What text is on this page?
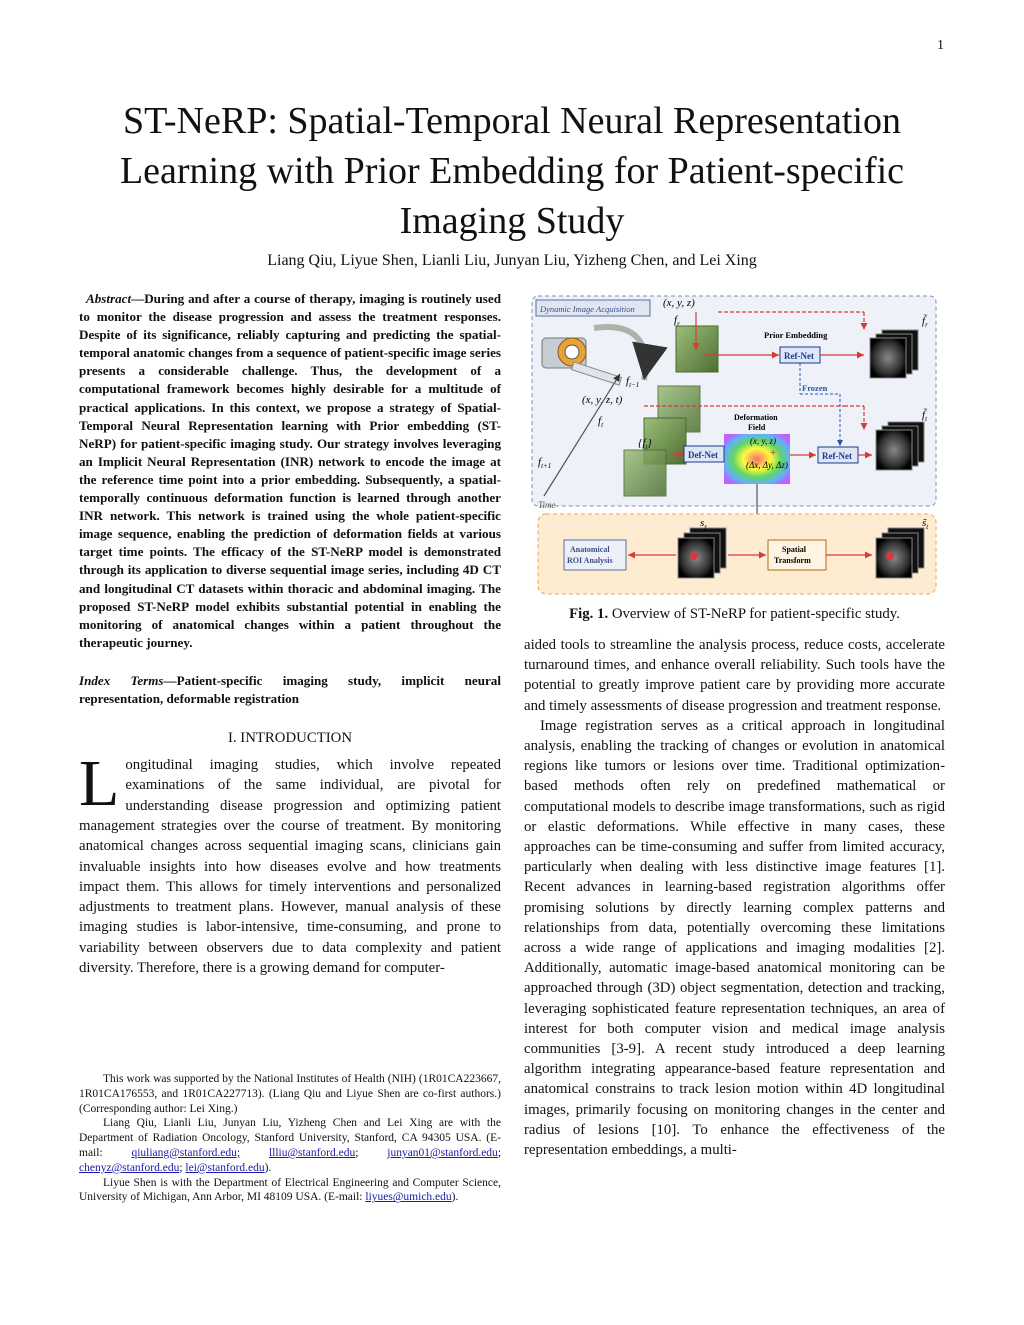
1
ST-NeRP: Spatial-Temporal Neural Representation Learning with Prior Embedding for Patient-specific Imaging Study
Liang Qiu, Liyue Shen, Lianli Liu, Junyan Liu, Yizheng Chen, and Lei Xing

Abstract—During and after a course of therapy, imaging is routinely used to monitor the disease progression and assess the treatment responses. Despite of its significance, reliably capturing and predicting the spatial-temporal anatomic changes from a sequence of patient-specific image series presents a considerable challenge. Thus, the development of a computational framework becomes highly desirable for a multitude of practical applications. In this context, we propose a strategy of Spatial-Temporal Neural Representation learning with Prior embedding (ST-NeRP) for patient-specific imaging study. Our strategy involves leveraging an Implicit Neural Representation (INR) network to encode the image at the reference time point into a prior embedding. Subsequently, a spatial-temporally continuous deformation function is learned through another INR network. This network is trained using the whole patient-specific image sequence, enabling the prediction of deformation fields at various target time points. The efficacy of the ST-NeRP model is demonstrated through its application to diverse sequential image series, including 4D CT and longitudinal CT datasets within thoracic and abdominal imaging. The proposed ST-NeRP model exhibits substantial potential in enabling the monitoring of anatomical changes within a patient throughout the therapeutic journey.

Index Terms—Patient-specific imaging study, implicit neural representation, deformable registration

I. INTRODUCTION

Longitudinal imaging studies, which involve repeated examinations of the same individual, are pivotal for understanding disease progression and optimizing patient management strategies over the course of treatment. By monitoring anatomical changes across sequential imaging scans, clinicians gain invaluable insights into how diseases evolve and how treatments impact them. This allows for timely interventions and personalized adjustments to treatment plans. However, manual analysis of these imaging studies is labor-intensive, time-consuming, and prone to variability between observers due to data complexity and patient diversity. Therefore, there is a growing demand for computer-

This work was supported by the National Institutes of Health (NIH) (1R01CA223667, 1R01CA176553, and 1R01CA227713). (Liang Qiu and Liyue Shen are co-first authors.) (Corresponding author: Lei Xing.)

Liang Qiu, Lianli Liu, Junyan Liu, Yizheng Chen and Lei Xing are with the Department of Radiation Oncology, Stanford University, Stanford, CA 94305 USA. (E-mail:	qiuliang@stanford.edu;	llliu@stanford.edu; junyan01@stanford.edu; chenyz@stanford.edu; lei@stanford.edu).

Liyue Shen is with the Department of Electrical Engineering and Computer Science, University of Michigan, Ann Arbor, MI 48109 USA. (E-mail: liyues@umich.edu).

Dynamic Image Acquisition	(x, y, z)
$f_r$
$f_{t-1}$
(x, y, z, t)
$f_t$
$f_{t+1}$
Time
Prior Embedding
Ref-Net
Frozen
$f̃_r$
Deformation
Field
(x, y, z)
+
(Δx, Δy, Δz)
$\{f_t\}$
Def-Net	Ref-Net
$f̃_t$
Anatomical
ROI Analysis
Spatial
Transform
$s_r$	$s̃_t$
Fig. 1. Overview of ST-NeRP for patient-specific study.

aided tools to streamline the analysis process, reduce costs, accelerate turnaround times, and enhance overall reliability. Such tools have the potential to greatly improve patient care by providing more accurate and timely assessments of disease progression and treatment response.

Image registration serves as a critical approach in longitudinal analysis, enabling the tracking of changes or evolution in anatomical regions like tumors or lesions over time. Traditional optimization-based methods often rely on predefined mathematical or computational models to describe image transformations, such as rigid or elastic deformations. While effective in many cases, these approaches can be time-consuming and suffer from limited accuracy, particularly when dealing with less distinctive image features [1]. Recent advances in learning-based registration algorithms offer promising solutions by directly learning complex patterns and relationships from data, potentially overcoming these limitations across a wide range of applications and imaging modalities [2]. Additionally, automatic image-based anatomical monitoring can be approached through (3D) object segmentation, detection and tracking, leveraging sophisticated feature representation techniques, an area of interest for both computer vision and medical image analysis communities [3-9]. A recent study introduced a deep learning algorithm integrating appearance-based feature representation and anatomical constrains to track lesion motion within 4D longitudinal images, primarily focusing on monitoring changes in the center and radius of lesions [10]. To enhance the effectiveness of the representation embeddings, a multi-
